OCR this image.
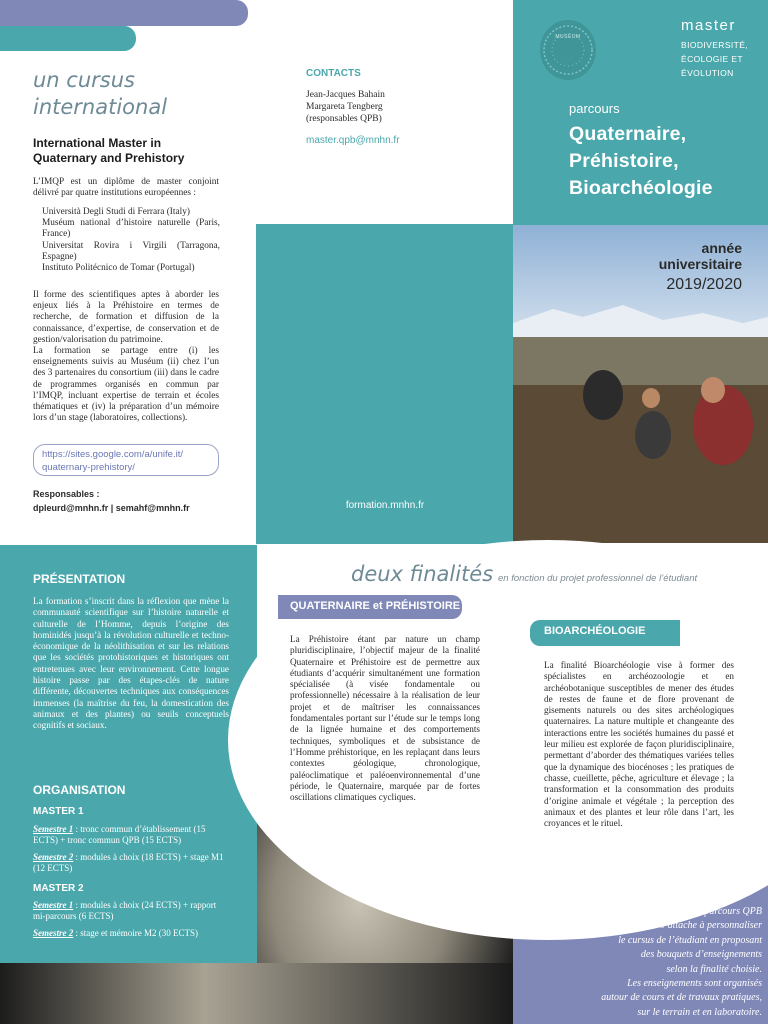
un cursus
international
International Master in
Quaternary and Prehistory

L’IMQP est un diplôme de master conjoint délivré par quatre institutions européennes :

Università Degli Studi di Ferrara (Italy)
Muséum national d’histoire naturelle (Paris, France)
Universitat Rovira i Virgili (Tarragona, Espagne)
Instituto Politécnico de Tomar (Portugal)

Il forme des scientifiques aptes à aborder les enjeux liés à la Préhistoire en termes de recherche, de formation et diffusion de la connaissance, d’expertise, de conservation et de gestion/valorisation du patrimoine.

La formation se partage entre (i) les enseignements suivis au Muséum (ii) chez l’un des 3 partenaires du consortium (iii) dans le cadre de programmes organisés en commun par l’IMQP, incluant expertise de terrain et écoles thématiques et (iv) la préparation d’un mémoire lors d’un stage (laboratoires, collections).

https://sites.google.com/a/unife.it/
quaternary-prehistory/
Responsables :
dpleurd@mnhn.fr | semahf@mnhn.fr
CONTACTS
Jean-Jacques Bahain
Margareta Tengberg
(responsables QPB)
master.qpb@mnhn.fr
formation.mnhn.fr
MUSÉUM
master
BIODIVERSITÉ,
ÉCOLOGIE ET
ÉVOLUTION
parcours
Quaternaire,
Préhistoire,
Bioarchéologie
année
universitaire
2019/2020
PRÉSENTATION

La formation s’inscrit dans la réflexion que mène la communauté scientifique sur l’histoire naturelle et culturelle de l’Homme, depuis l’origine des hominidés jusqu’à la révolution culturelle et techno-économique de la néolithisation et sur les relations que les sociétés protohistoriques et historiques ont entretenues avec leur environnement. Cette longue histoire passe par des étapes-clés de nature différente, découvertes techniques aux conséquences immenses (la maîtrise du feu, la domestication des animaux et des plantes) ou seuils conceptuels cognitifs et sociaux.

ORGANISATION
MASTER 1
Semestre 1 : tronc commun d’établissement (15 ECTS) + tronc commun QPB (15 ECTS)
Semestre 2 : modules à choix (18 ECTS) + stage M1 (12 ECTS)
MASTER 2
Semestre 1 : modules à choix (24 ECTS) + rapport mi-parcours (6 ECTS)
Semestre 2 : stage et mémoire M2 (30 ECTS)
Le parcours QPB
s’attache à personnaliser
le cursus de l’étudiant en proposant
des bouquets d’enseignements
selon la finalité choisie.
Les enseignements sont organisés
autour de cours et de travaux pratiques,
sur le terrain et en laboratoire.
deux finalités en fonction du projet professionnel de l’étudiant
QUATERNAIRE et PRÉHISTOIRE

La Préhistoire étant par nature un champ pluridisciplinaire, l’objectif majeur de la finalité Quaternaire et Préhistoire est de permettre aux étudiants d’acquérir simultanément une formation spécialisée (à visée fondamentale ou professionnelle) nécessaire à la réalisation de leur projet et de maîtriser les connaissances fondamentales portant sur l’étude sur le temps long de la lignée humaine et des comportements techniques, symboliques et de subsistance de l’Homme préhistorique, en les replaçant dans leurs contextes géologique, chronologique, paléoclimatique et paléoenvironnemental d’une période, le Quaternaire, marquée par de fortes oscillations climatiques cycliques.

BIOARCHÉOLOGIE

La finalité Bioarchéologie vise à former des spécialistes en archéozoologie et en archéobotanique susceptibles de mener des études de restes de faune et de flore provenant de gisements naturels ou des sites archéologiques quaternaires. La nature multiple et changeante des interactions entre les sociétés humaines du passé et leur milieu est explorée de façon pluridisciplinaire, permettant d’aborder des thématiques variées telles que la dynamique des biocénoses ; les pratiques de chasse, cueillette, pêche, agriculture et élevage ; la transformation et la consommation des produits d’origine animale et végétale ; la perception des animaux et des plantes et leur rôle dans l’art, les croyances et le rituel.
